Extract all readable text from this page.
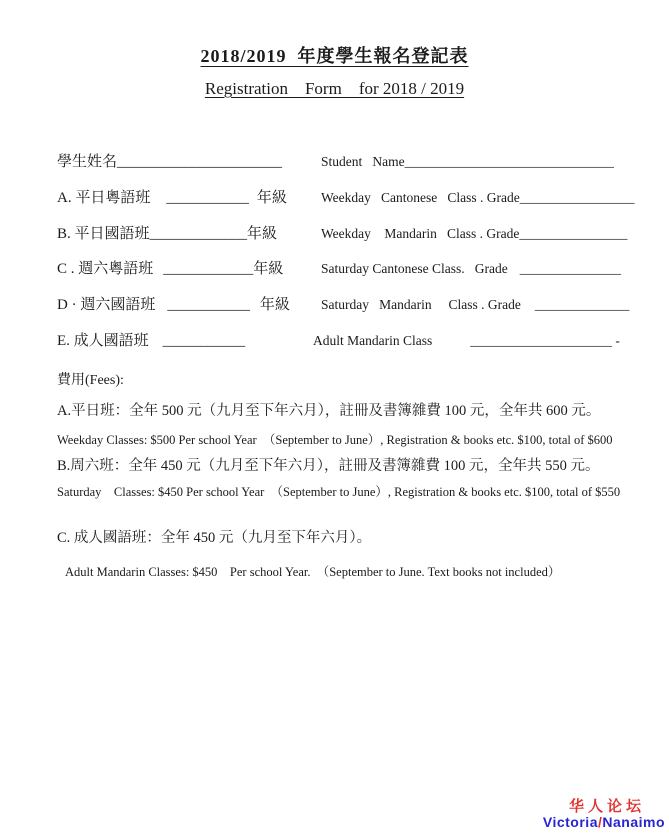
2018/2019  年度學生報名登記表
Registration    Form    for 2018 / 2019
學生姓名______________________	Student   Name_______________________________
A. 平日粵語班 ___________ 年級	Weekday   Cantonese   Class . Grade_________________
B. 平日國語班_____________年級	Weekday    Mandarin   Class . Grade________________
C . 週六粵語班 ____________年級	Saturday Cantonese Class.   Grade _______________
D · 週六國語班 ___________ 年級	Saturday   Mandarin     Class . Grade ______________
E. 成人國語班 ___________	Adult Mandarin Class	_____________________ -
費用(Fees):
A.平日班：全年 500 元（九月至下年六月），註冊及書簿雜費 100 元，全年共 600 元。
Weekday Classes: $500 Per school Year  （September to June）, Registration & books etc. $100, total of $600
B.周六班：全年 450 元（九月至下年六月），註冊及書簿雜費 100 元，全年共 550 元。
Saturday    Classes: $450 Per school Year  （September to June）, Registration & books etc. $100, total of $550
C. 成人國語班：全年 450 元（九月至下年六月）。
Adult Mandarin Classes: $450    Per school Year.  （September to June. Text books not included）
华人论坛
Victoria/Nanaimo
